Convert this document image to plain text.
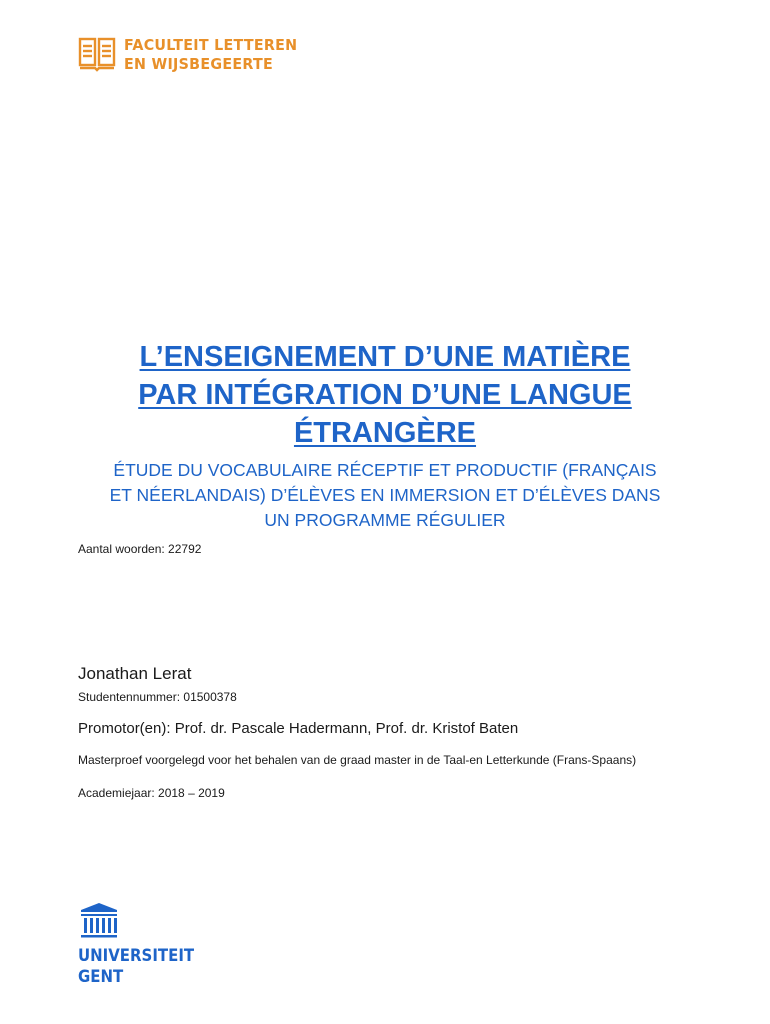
FACULTEIT LETTEREN
EN WIJSBEGEERTE
L’ENSEIGNEMENT D’UNE MATIÈRE
PAR INTÉGRATION D’UNE LANGUE
ÉTRANGÈRE
ÉTUDE DU VOCABULAIRE RÉCEPTIF ET PRODUCTIF (FRANÇAIS
ET NÉERLANDAIS) D’ÉLÈVES EN IMMERSION ET D’ÉLÈVES DANS
UN PROGRAMME RÉGULIER
Aantal woorden: 22792
Jonathan Lerat
Studentennummer: 01500378
Promotor(en): Prof. dr. Pascale Hadermann, Prof. dr. Kristof Baten
Masterproef voorgelegd voor het behalen van de graad master in de Taal-en Letterkunde (Frans-Spaans)
Academiejaar: 2018 – 2019
UNIVERSITEIT
GENT
